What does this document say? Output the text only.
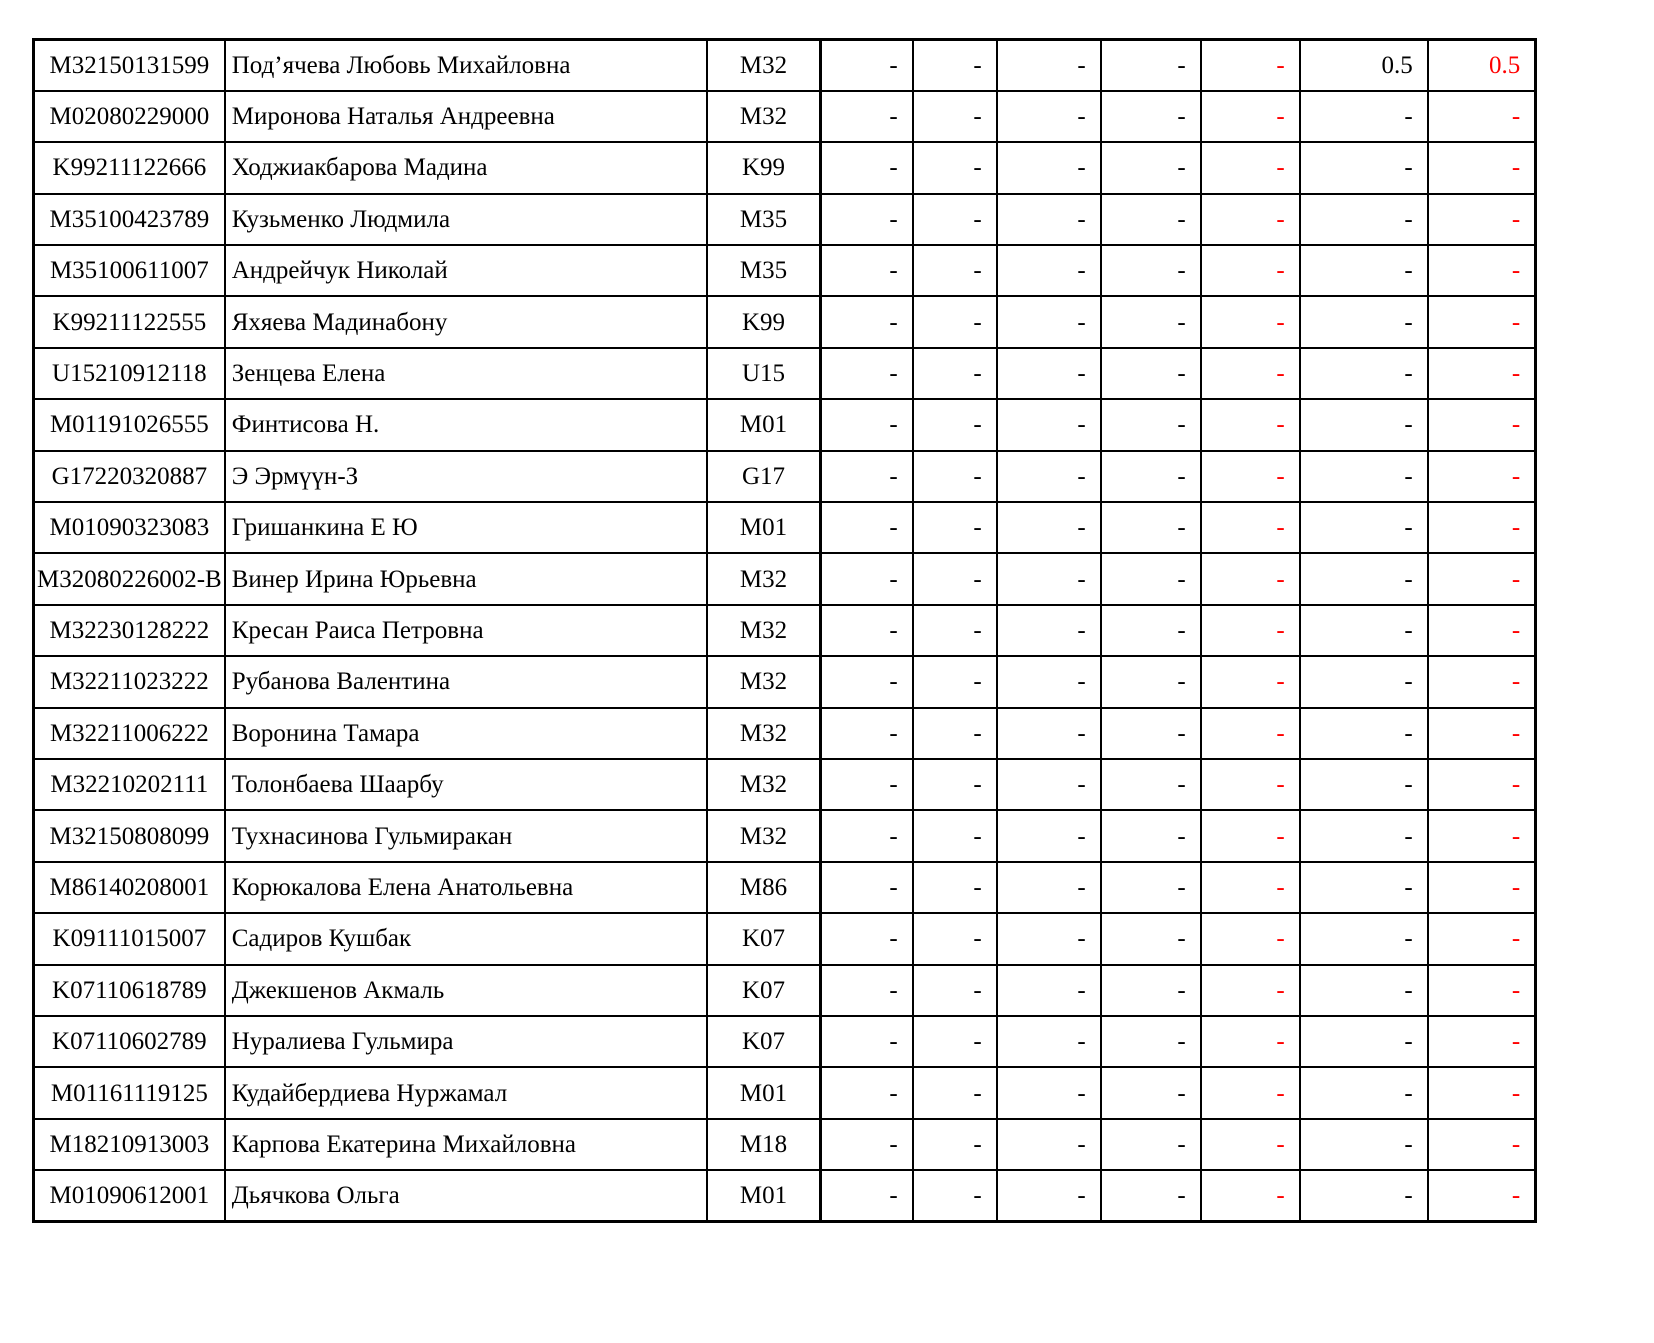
M32150131599	Под’ячева Любовь Михайловна	M32	-	-	-	-	-	0.5	0.5
M02080229000	Миронова Наталья Андреевна	M32	-	-	-	-	-	-	-
K99211122666	Ходжиакбарова Мадина	K99	-	-	-	-	-	-	-
M35100423789	Кузьменко Людмила	M35	-	-	-	-	-	-	-
M35100611007	Андрейчук Николай	M35	-	-	-	-	-	-	-
K99211122555	Яхяева Мадинабону	K99	-	-	-	-	-	-	-
U15210912118	Зенцева Елена	U15	-	-	-	-	-	-	-
M01191026555	Финтисова Н.	M01	-	-	-	-	-	-	-
G17220320887	Э Эрмүүн-З	G17	-	-	-	-	-	-	-
M01090323083	Гришанкина Е Ю	M01	-	-	-	-	-	-	-
M32080226002-B	Винер Ирина Юрьевна	M32	-	-	-	-	-	-	-
M32230128222	Кресан Раиса Петровна	M32	-	-	-	-	-	-	-
M32211023222	Рубанова Валентина	M32	-	-	-	-	-	-	-
M32211006222	Воронина Тамара	M32	-	-	-	-	-	-	-
M32210202111	Толонбаева Шаарбу	M32	-	-	-	-	-	-	-
M32150808099	Тухнасинова Гульмиракан	M32	-	-	-	-	-	-	-
M86140208001	Корюкалова Елена Анатольевна	M86	-	-	-	-	-	-	-
K09111015007	Садиров Кушбак	K07	-	-	-	-	-	-	-
K07110618789	Джекшенов Акмаль	K07	-	-	-	-	-	-	-
K07110602789	Нуралиева Гульмира	K07	-	-	-	-	-	-	-
M01161119125	Кудайбердиева Нуржамал	M01	-	-	-	-	-	-	-
M18210913003	Карпова Екатерина Михайловна	M18	-	-	-	-	-	-	-
M01090612001	Дьячкова Ольга	M01	-	-	-	-	-	-	-
